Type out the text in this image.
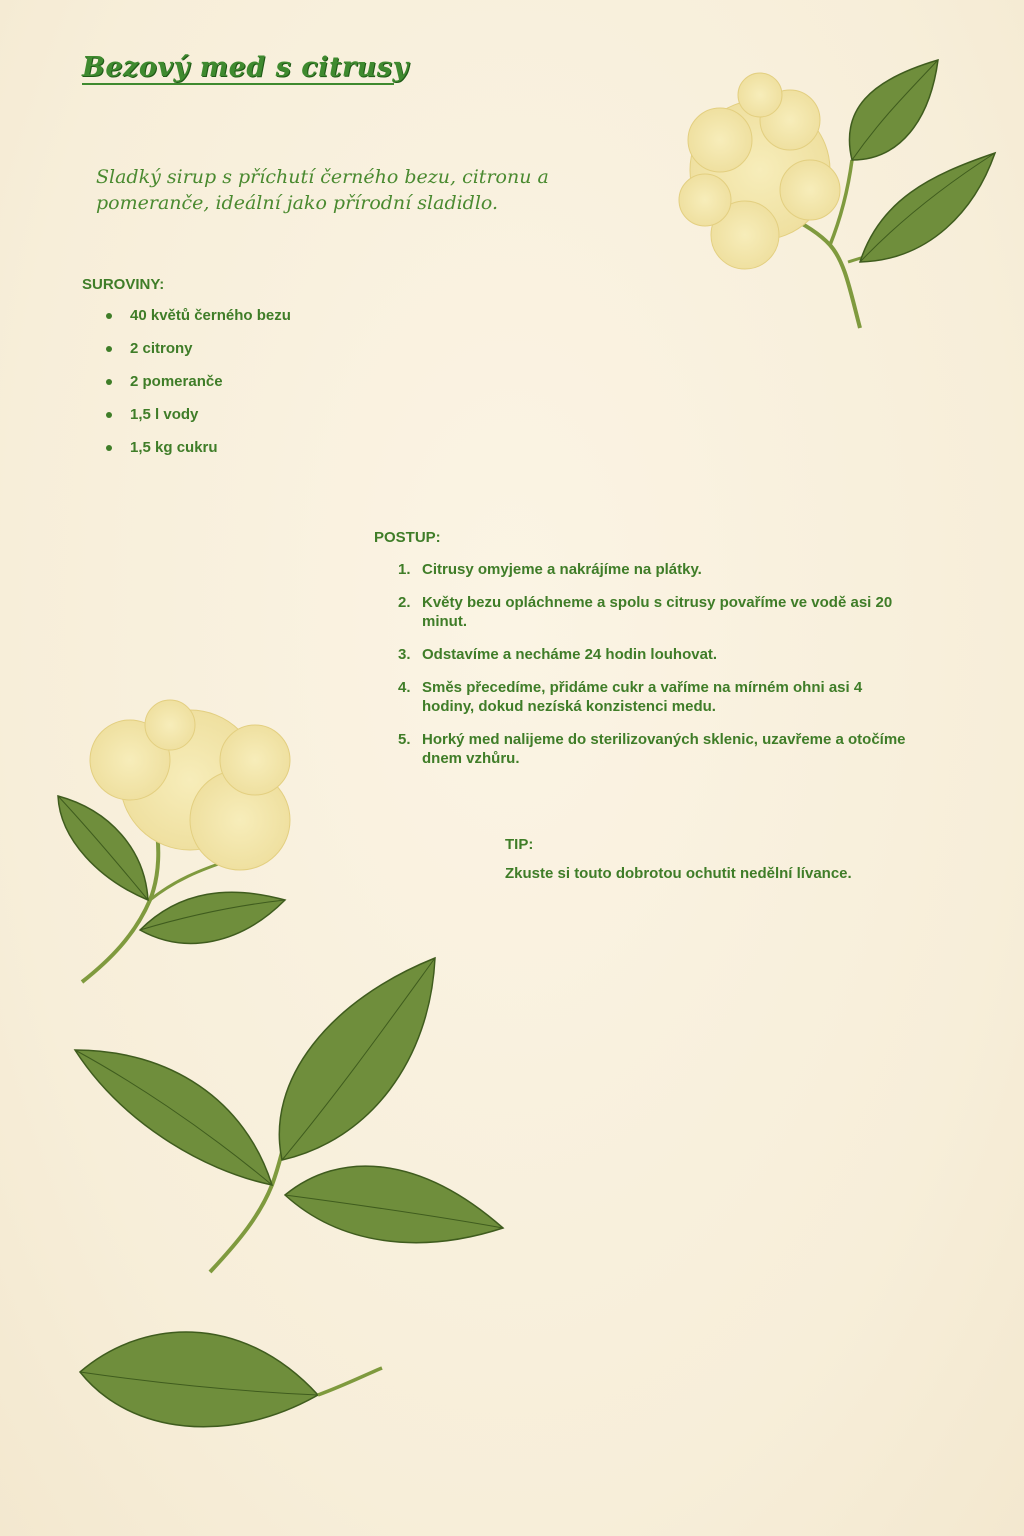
Bezový med s citrusy

Sladký sirup s příchutí černého bezu, citronu a pomeranče, ideální jako přírodní sladidlo.

SUROVINY:
40 květů černého bezu
2 citrony
2 pomeranče
1,5 l vody
1,5 kg cukru
POSTUP:
1. Citrusy omyjeme a nakrájíme na plátky.
2. Květy bezu opláchneme a spolu s citrusy povaříme ve vodě asi 20 minut.
3. Odstavíme a necháme 24 hodin louhovat.
4. Směs přecedíme, přidáme cukr a vaříme na mírném ohni asi 4 hodiny, dokud nezíská konzistenci medu.
5. Horký med nalijeme do sterilizovaných sklenic, uzavřeme a otočíme dnem vzhůru.
TIP:

Zkuste si touto dobrotou ochutit nedělní lívance.
